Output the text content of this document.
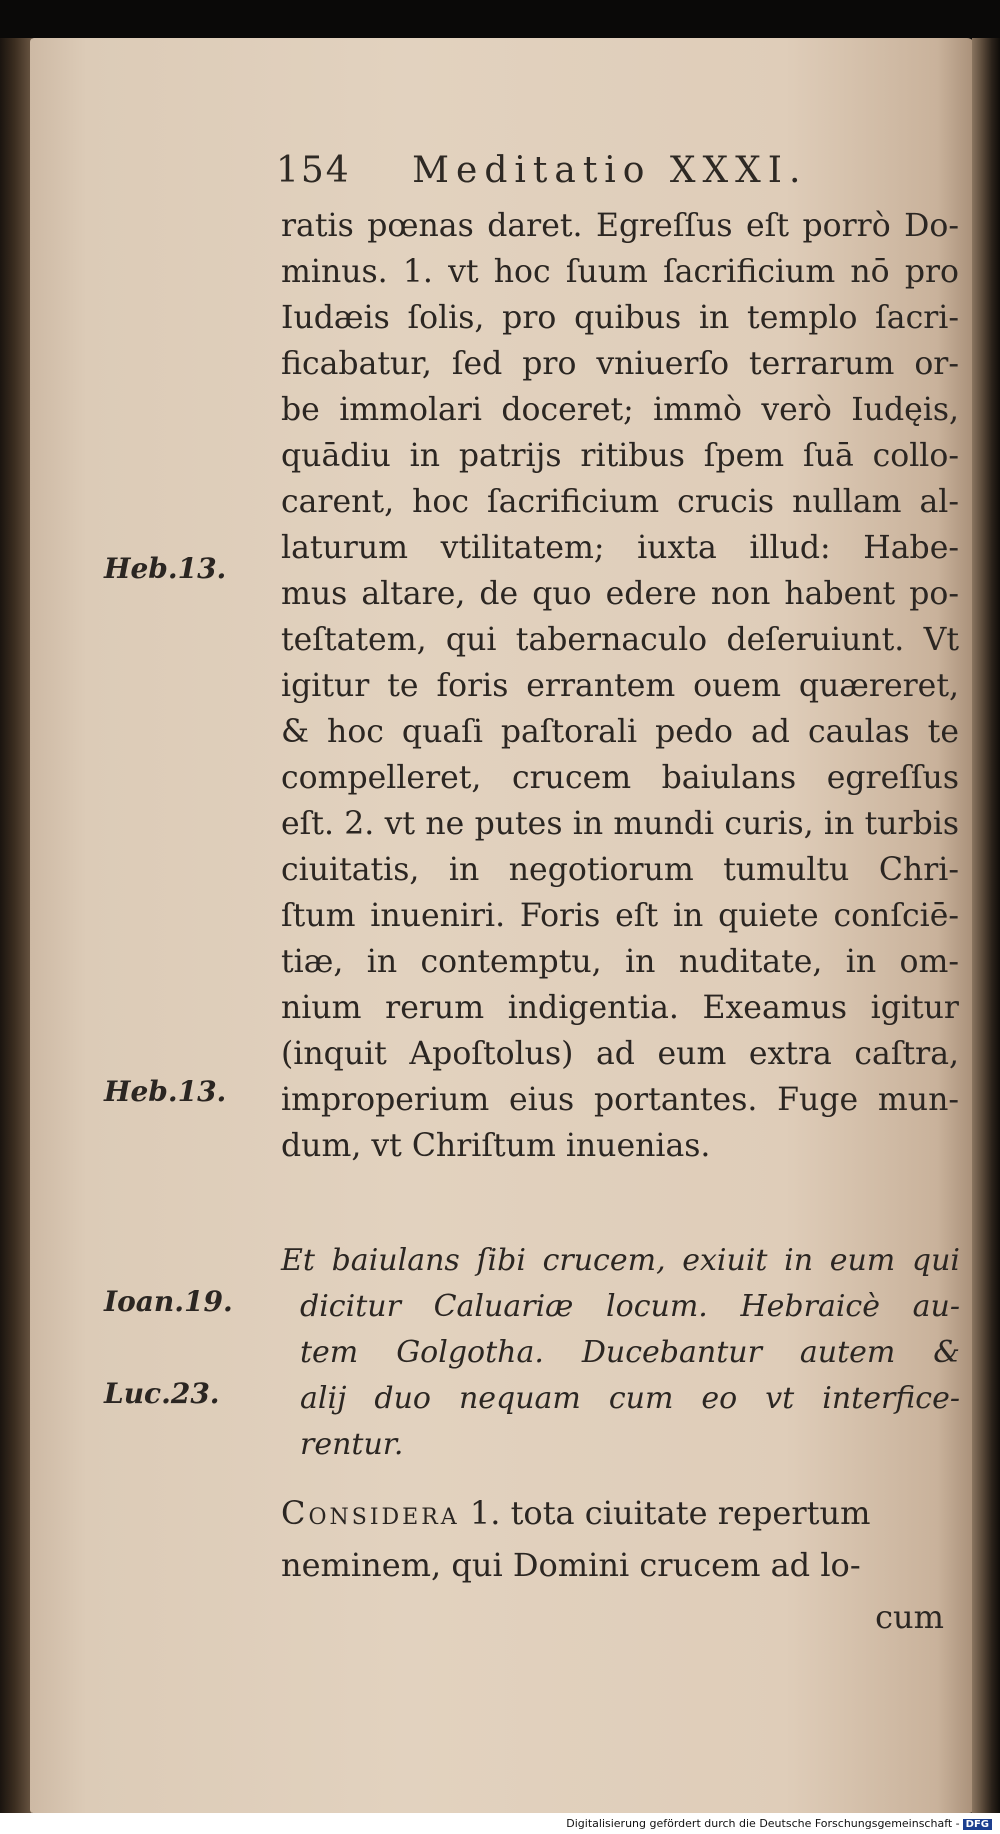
154 Meditatio XXXI.
ratis pœnas daret. Egreſſus eſt porrò Do-
minus. 1. vt hoc ſuum ſacrificium nō pro
Iudæis ſolis, pro quibus in templo ſacri-
ficabatur, ſed pro vniuerſo terrarum or-
be immolari doceret; immò verò Iudęis,
quādiu in patrijs ritibus ſpem ſuā collo-
carent, hoc ſacrificium crucis nullam al-
laturum vtilitatem; iuxta illud: Habe-
mus altare, de quo edere non habent po-
teſtatem, qui tabernaculo deſeruiunt. Vt
igitur te foris errantem ouem quæreret,
& hoc quaſi paſtorali pedo ad caulas te
compelleret, crucem baiulans egreſſus
eſt. 2. vt ne putes in mundi curis, in turbis
ciuitatis, in negotiorum tumultu Chri-
ſtum inueniri. Foris eſt in quiete conſciē-
tiæ, in contemptu, in nuditate, in om-
nium rerum indigentia. Exeamus igitur
(inquit Apoſtolus) ad eum extra caſtra,
improperium eius portantes. Fuge mun-
dum, vt Chriſtum inuenias.
Heb.13.
Heb.13.
Ioan.19.
Luc.23.
Et baiulans ſibi crucem, exiuit in eum qui
dicitur Caluariæ locum. Hebraicè au-
tem Golgotha. Ducebantur autem &
alij duo nequam cum eo vt interfice-
rentur.
Considera 1. tota ciuitate repertum
neminem, qui Domini crucem ad lo-
cum
Digitalisierung gefördert durch die Deutsche Forschungsgemeinschaft - DFG
